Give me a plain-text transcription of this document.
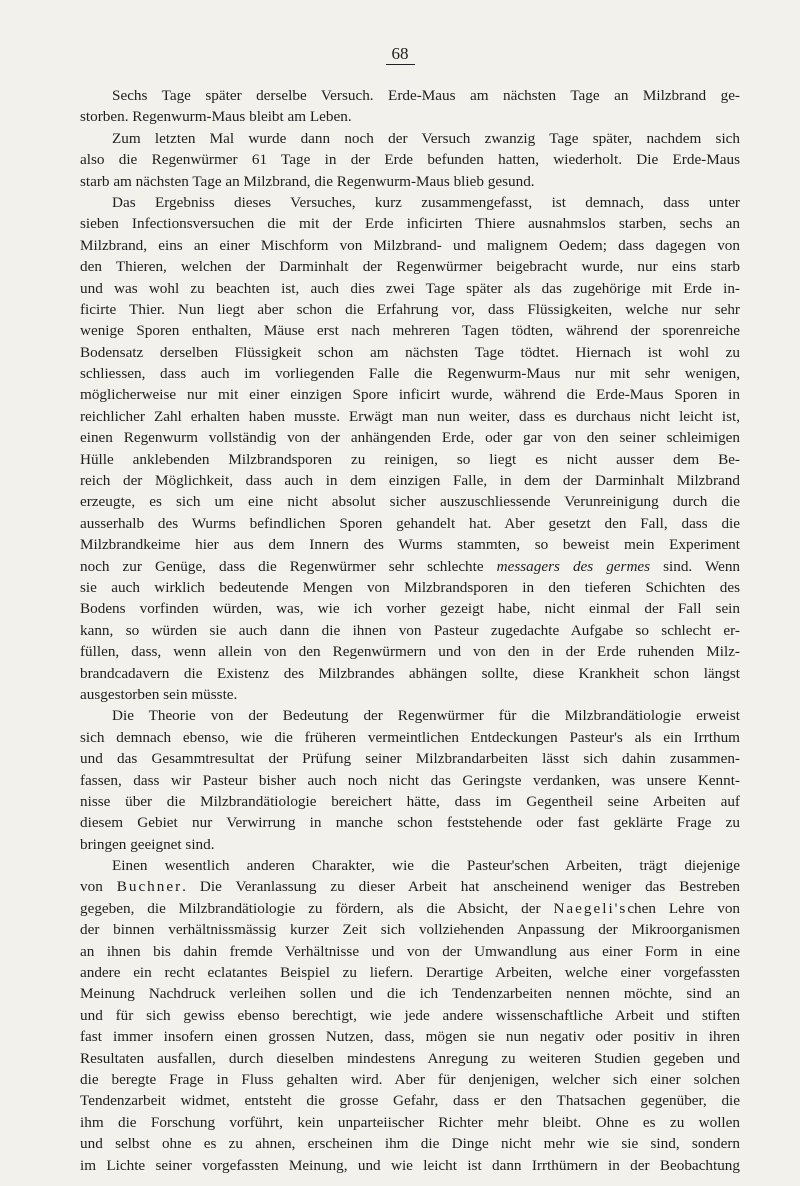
68

Sechs Tage später derselbe Versuch. Erde-Maus am nächsten Tage an Milzbrand ge-
storben. Regenwurm-Maus bleibt am Leben.

Zum letzten Mal wurde dann noch der Versuch zwanzig Tage später, nachdem sich
also die Regenwürmer 61 Tage in der Erde befunden hatten, wiederholt. Die Erde-Maus
starb am nächsten Tage an Milzbrand, die Regenwurm-Maus blieb gesund.

Das Ergebniss dieses Versuches, kurz zusammengefasst, ist demnach, dass unter
sieben Infectionsversuchen die mit der Erde inficirten Thiere ausnahmslos starben, sechs an
Milzbrand, eins an einer Mischform von Milzbrand- und malignem Oedem; dass dagegen von
den Thieren, welchen der Darminhalt der Regenwürmer beigebracht wurde, nur eins starb
und was wohl zu beachten ist, auch dies zwei Tage später als das zugehörige mit Erde in-
ficirte Thier. Nun liegt aber schon die Erfahrung vor, dass Flüssigkeiten, welche nur sehr
wenige Sporen enthalten, Mäuse erst nach mehreren Tagen tödten, während der sporenreiche
Bodensatz derselben Flüssigkeit schon am nächsten Tage tödtet. Hiernach ist wohl zu
schliessen, dass auch im vorliegenden Falle die Regenwurm-Maus nur mit sehr wenigen,
möglicherweise nur mit einer einzigen Spore inficirt wurde, während die Erde-Maus Sporen in
reichlicher Zahl erhalten haben musste. Erwägt man nun weiter, dass es durchaus nicht leicht ist,
einen Regenwurm vollständig von der anhängenden Erde, oder gar von den seiner schleimigen
Hülle anklebenden Milzbrandsporen zu reinigen, so liegt es nicht ausser dem Be-
reich der Möglichkeit, dass auch in dem einzigen Falle, in dem der Darminhalt Milzbrand
erzeugte, es sich um eine nicht absolut sicher auszuschliessende Verunreinigung durch die
ausserhalb des Wurms befindlichen Sporen gehandelt hat. Aber gesetzt den Fall, dass die
Milzbrandkeime hier aus dem Innern des Wurms stammten, so beweist mein Experiment
noch zur Genüge, dass die Regenwürmer sehr schlechte messagers des germes sind. Wenn
sie auch wirklich bedeutende Mengen von Milzbrandsporen in den tieferen Schichten des
Bodens vorfinden würden, was, wie ich vorher gezeigt habe, nicht einmal der Fall sein
kann, so würden sie auch dann die ihnen von Pasteur zugedachte Aufgabe so schlecht er-
füllen, dass, wenn allein von den Regenwürmern und von den in der Erde ruhenden Milz-
brandcadavern die Existenz des Milzbrandes abhängen sollte, diese Krankheit schon längst
ausgestorben sein müsste.

Die Theorie von der Bedeutung der Regenwürmer für die Milzbrandätiologie erweist
sich demnach ebenso, wie die früheren vermeintlichen Entdeckungen Pasteur's als ein Irrthum
und das Gesammtresultat der Prüfung seiner Milzbrandarbeiten lässt sich dahin zusammen-
fassen, dass wir Pasteur bisher auch noch nicht das Geringste verdanken, was unsere Kennt-
nisse über die Milzbrandätiologie bereichert hätte, dass im Gegentheil seine Arbeiten auf
diesem Gebiet nur Verwirrung in manche schon feststehende oder fast geklärte Frage zu
bringen geeignet sind.

Einen wesentlich anderen Charakter, wie die Pasteur'schen Arbeiten, trägt diejenige
von Buchner. Die Veranlassung zu dieser Arbeit hat anscheinend weniger das Bestreben
gegeben, die Milzbrandätiologie zu fördern, als die Absicht, der Naegeli'schen Lehre von
der binnen verhältnissmässig kurzer Zeit sich vollziehenden Anpassung der Mikroorganismen
an ihnen bis dahin fremde Verhältnisse und von der Umwandlung aus einer Form in eine
andere ein recht eclatantes Beispiel zu liefern. Derartige Arbeiten, welche einer vorgefassten
Meinung Nachdruck verleihen sollen und die ich Tendenzarbeiten nennen möchte, sind an
und für sich gewiss ebenso berechtigt, wie jede andere wissenschaftliche Arbeit und stiften
fast immer insofern einen grossen Nutzen, dass, mögen sie nun negativ oder positiv in ihren
Resultaten ausfallen, durch dieselben mindestens Anregung zu weiteren Studien gegeben und
die beregte Frage in Fluss gehalten wird. Aber für denjenigen, welcher sich einer solchen
Tendenzarbeit widmet, entsteht die grosse Gefahr, dass er den Thatsachen gegenüber, die
ihm die Forschung vorführt, kein unparteiischer Richter mehr bleibt. Ohne es zu wollen
und selbst ohne es zu ahnen, erscheinen ihm die Dinge nicht mehr wie sie sind, sondern
im Lichte seiner vorgefassten Meinung, und wie leicht ist dann Irrthümern in der Beobachtung
